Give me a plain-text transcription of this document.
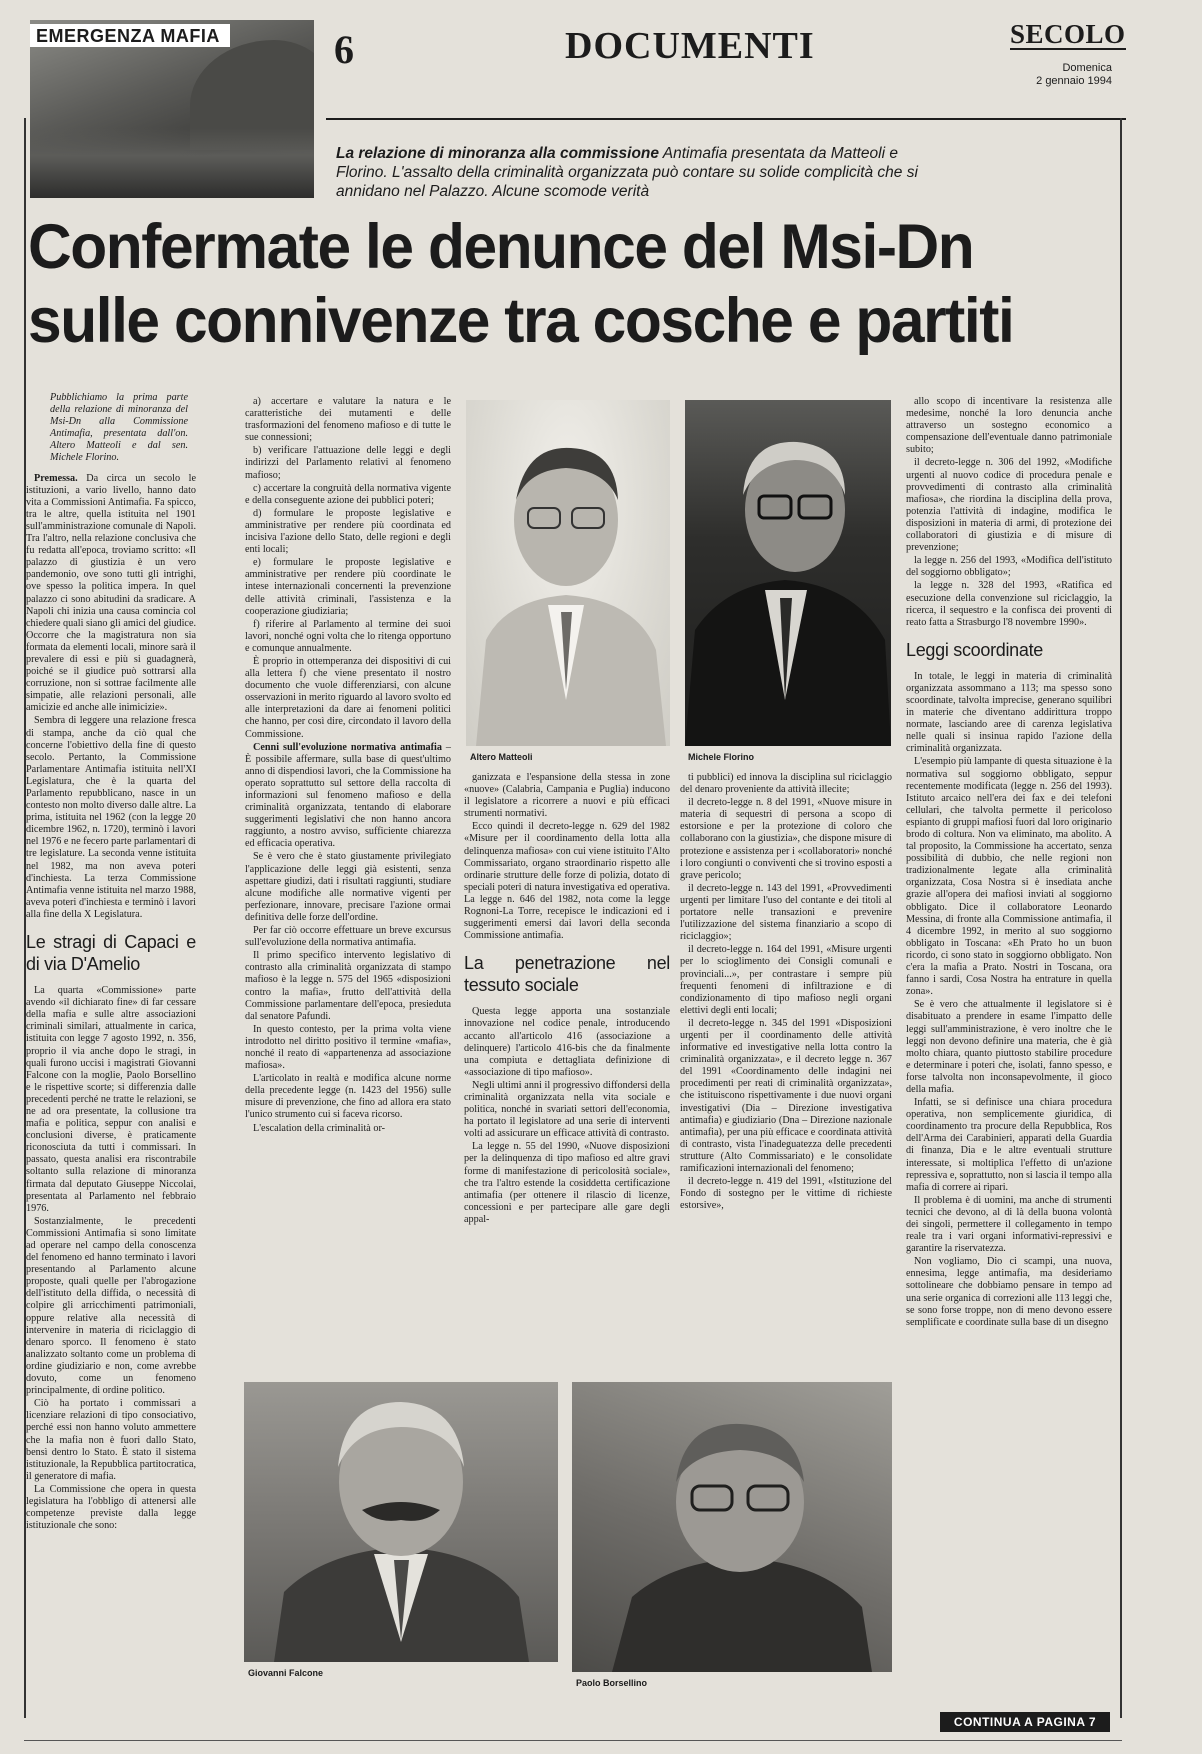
EMERGENZA MAFIA	6	DOCUMENTI	SECOLO
Domenica
2 gennaio 1994
La relazione di minoranza alla commissione Antimafia presentata da Matteoli e Florino. L'assalto della criminalità organizzata può contare su solide complicità che si annidano nel Palazzo. Alcune scomode verità
Confermate le denunce del Msi-Dn
sulle connivenze tra cosche e partiti

Pubblichiamo la prima parte della relazione di minoranza del Msi-Dn alla Commissione Antimafia, presentata dall'on. Altero Matteoli e dal sen. Michele Florino.

Premessa. Da circa un secolo le istituzioni, a vario livello, hanno dato vita a Commissioni Antimafia. Fa spicco, tra le altre, quella istituita nel 1901 sull'amministrazione comunale di Napoli. Tra l'altro, nella relazione conclusiva che fu redatta all'epoca, troviamo scritto: «Il palazzo di giustizia è un vero pandemonio, ove sono tutti gli intrighi, ove spesso la politica impera. In quel palazzo ci sono abitudini da sradicare. A Napoli chi inizia una causa comincia col chiedere quali siano gli amici del giudice. Occorre che la magistratura non sia formata da elementi locali, minore sarà il prevalere di essi e più si guadagnerà, poiché se il giudice può sottrarsi alla corruzione, non si sottrae facilmente alle simpatie, alle relazioni personali, alle amicizie ed anche alle inimicizie».

Sembra di leggere una relazione fresca di stampa, anche da ciò qual che concerne l'obiettivo della fine di questo secolo. Pertanto, la Commissione Parlamentare Antimafia istituita nell'XI Legislatura, che è la quarta del Parlamento repubblicano, nasce in un contesto non molto diverso dalle altre. La prima, istituita nel 1962 (con la legge 20 dicembre 1962, n. 1720), terminò i lavori nel 1976 e ne fecero parte parlamentari di tre legislature. La seconda venne istituita nel 1982, ma non aveva poteri d'inchiesta. La terza Commissione Antimafia venne istituita nel marzo 1988, aveva poteri d'inchiesta e terminò i lavori alla fine della X Legislatura.

Le stragi di Capaci e di via D'Amelio

La quarta «Commissione» parte avendo «il dichiarato fine» di far cessare della mafia e sulle altre associazioni criminali similari, attualmente in carica, istituita con legge 7 agosto 1992, n. 356, proprio il via anche dopo le stragi, in quali furono uccisi i magistrati Giovanni Falcone con la moglie, Paolo Borsellino e le rispettive scorte; si differenzia dalle precedenti perché ne tratte le relazioni, se ne ad ora presentate, la collusione tra mafia e politica, seppur con analisi e conclusioni diverse, è praticamente riconosciuta da tutti i commissari. In passato, questa analisi era riscontrabile soltanto sulla relazione di minoranza firmata dal deputato Giuseppe Niccolai, presentata al Parlamento nel febbraio 1976.

Sostanzialmente, le precedenti Commissioni Antimafia si sono limitate ad operare nel campo della conoscenza del fenomeno ed hanno terminato i lavori presentando al Parlamento alcune proposte, quali quelle per l'abrogazione dell'istituto della diffida, o necessità di colpire gli arricchimenti patrimoniali, oppure relative alla necessità di intervenire in materia di riciclaggio di denaro sporco. Il fenomeno è stato analizzato soltanto come un problema di ordine giudiziario e non, come avrebbe dovuto, come un fenomeno principalmente, di ordine politico.

Ciò ha portato i commissari a licenziare relazioni di tipo consociativo, perché essi non hanno voluto ammettere che la mafia non è fuori dallo Stato, bensì dentro lo Stato. È stato il sistema istituzionale, la Repubblica partitocratica, il generatore di mafia.

La Commissione che opera in questa legislatura ha l'obbligo di attenersi alle competenze previste dalla legge istituzionale che sono:

a) accertare e valutare la natura e le caratteristiche dei mutamenti e delle trasformazioni del fenomeno mafioso e di tutte le sue connessioni;

b) verificare l'attuazione delle leggi e degli indirizzi del Parlamento relativi al fenomeno mafioso;

c) accertare la congruità della normativa vigente e della conseguente azione dei pubblici poteri;

d) formulare le proposte legislative e amministrative per rendere più coordinata ed incisiva l'azione dello Stato, delle regioni e degli enti locali;

e) formulare le proposte legislative e amministrative per rendere più coordinate le intese internazionali concernenti la prevenzione delle attività criminali, l'assistenza e la cooperazione giudiziaria;

f) riferire al Parlamento al termine dei suoi lavori, nonché ogni volta che lo ritenga opportuno e comunque annualmente.

È proprio in ottemperanza dei dispositivi di cui alla lettera f) che viene presentato il nostro documento che vuole differenziarsi, con alcune osservazioni in merito riguardo al lavoro svolto ed alle interpretazioni da dare ai fenomeni politici che hanno, per così dire, circondato il lavoro della Commissione.

Cenni sull'evoluzione normativa antimafia – È possibile affermare, sulla base di quest'ultimo anno di dispendiosi lavori, che la Commissione ha operato soprattutto sul settore della raccolta di informazioni sul fenomeno mafioso e della criminalità organizzata, tentando di elaborare suggerimenti legislativi che non hanno ancora raggiunto, a nostro avviso, sufficiente chiarezza ed efficacia operativa.

Se è vero che è stato giustamente privilegiato l'applicazione delle leggi già esistenti, senza aspettare giudizi, dati i risultati raggiunti, studiare alcune modifiche alle normative vigenti per perfezionare, innovare, precisare l'azione ormai definitiva delle forze dell'ordine.

Per far ciò occorre effettuare un breve excursus sull'evoluzione della normativa antimafia.

Il primo specifico intervento legislativo di contrasto alla criminalità organizzata di stampo mafioso è la legge n. 575 del 1965 «disposizioni contro la mafia», frutto dell'attività della Commissione parlamentare dell'epoca, presieduta dal senatore Pafundi.

In questo contesto, per la prima volta viene introdotto nel diritto positivo il termine «mafia», nonché il reato di «appartenenza ad associazione mafiosa».

L'articolato in realtà e modifica alcune norme della precedente legge (n. 1423 del 1956) sulle misure di prevenzione, che fino ad allora era stato l'unico strumento cui si faceva ricorso.

L'escalation della criminalità or-

Altero Matteoli	Michele Florino

ganizzata e l'espansione della stessa in zone «nuove» (Calabria, Campania e Puglia) inducono il legislatore a ricorrere a nuovi e più efficaci strumenti normativi.

Ecco quindi il decreto-legge n. 629 del 1982 «Misure per il coordinamento della lotta alla delinquenza mafiosa» con cui viene istituito l'Alto Commissariato, organo straordinario rispetto alle ordinarie strutture delle forze di polizia, dotato di speciali poteri di natura investigativa ed operativa. La legge n. 646 del 1982, nota come la legge Rognoni-La Torre, recepisce le indicazioni ed i suggerimenti emersi dai lavori della seconda Commissione antimafia.

La penetrazione nel tessuto sociale

Questa legge apporta una sostanziale innovazione nel codice penale, introducendo accanto all'articolo 416 (associazione a delinquere) l'articolo 416-bis che da finalmente una compiuta e dettagliata definizione di «associazione di tipo mafioso».

Negli ultimi anni il progressivo diffondersi della criminalità organizzata nella vita sociale e politica, nonché in svariati settori dell'economia, ha portato il legislatore ad una serie di interventi volti ad assicurare un efficace attività di contrasto.

La legge n. 55 del 1990, «Nuove disposizioni per la delinquenza di tipo mafioso ed altre gravi forme di manifestazione di pericolosità sociale», che tra l'altro estende la cosiddetta certificazione antimafia (per ottenere il rilascio di licenze, concessioni e per partecipare alle gare degli appal-

ti pubblici) ed innova la disciplina sul riciclaggio del denaro proveniente da attività illecite;

il decreto-legge n. 8 del 1991, «Nuove misure in materia di sequestri di persona a scopo di estorsione e per la protezione di coloro che collaborano con la giustizia», che dispone misure di protezione e assistenza per i «collaboratori» nonché i loro congiunti o conviventi che si trovino esposti a grave pericolo;

il decreto-legge n. 143 del 1991, «Provvedimenti urgenti per limitare l'uso del contante e dei titoli al portatore nelle transazioni e prevenire l'utilizzazione del sistema finanziario a scopo di riciclaggio»;

il decreto-legge n. 164 del 1991, «Misure urgenti per lo scioglimento dei Consigli comunali e provinciali...», per contrastare i sempre più frequenti fenomeni di infiltrazione e di condizionamento di tipo mafioso negli organi elettivi degli enti locali;

il decreto-legge n. 345 del 1991 «Disposizioni urgenti per il coordinamento delle attività informative ed investigative nella lotta contro la criminalità organizzata», e il decreto legge n. 367 del 1991 «Coordinamento delle indagini nei procedimenti per reati di criminalità organizzata», che istituiscono rispettivamente i due nuovi organi investigativi (Dia – Direzione investigativa antimafia) e giudiziario (Dna – Direzione nazionale antimafia), per una più efficace e coordinata attività di contrasto, vista l'inadeguatezza delle precedenti strutture (Alto Commissariato) e le consolidate ramificazioni internazionali del fenomeno;

il decreto-legge n. 419 del 1991, «Istituzione del Fondo di sostegno per le vittime di richieste estorsive»,

allo scopo di incentivare la resistenza alle medesime, nonché la loro denuncia anche attraverso un sostegno economico a compensazione dell'eventuale danno patrimoniale subito;

il decreto-legge n. 306 del 1992, «Modifiche urgenti al nuovo codice di procedura penale e provvedimenti di contrasto alla criminalità mafiosa», che riordina la disciplina della prova, potenzia l'attività di indagine, modifica le disposizioni in materia di armi, di protezione dei collaboratori di giustizia e di misure di prevenzione;

la legge n. 256 del 1993, «Modifica dell'istituto del soggiorno obbligato»;

la legge n. 328 del 1993, «Ratifica ed esecuzione della convenzione sul riciclaggio, la ricerca, il sequestro e la confisca dei proventi di reato fatta a Strasburgo l'8 novembre 1990».

Leggi scoordinate

In totale, le leggi in materia di criminalità organizzata assommano a 113; ma spesso sono scoordinate, talvolta imprecise, generano squilibri in materie che diventano addirittura troppo normate, lasciando aree di carenza legislativa nelle quali si insinua rapido l'azione della criminalità organizzata.

L'esempio più lampante di questa situazione è la normativa sul soggiorno obbligato, seppur recentemente modificata (legge n. 256 del 1993). Istituto arcaico nell'era dei fax e dei telefoni cellulari, che talvolta permette il pericoloso espianto di gruppi mafiosi fuori dal loro originario brodo di coltura. Non va eliminato, ma abolito. A tal proposito, la Commissione ha accertato, senza possibilità di dubbio, che nelle regioni non tradizionalmente legate alla criminalità organizzata, Cosa Nostra si è insediata anche grazie all'opera dei mafiosi inviati al soggiorno obbligato. Dice il collaboratore Leonardo Messina, di fronte alla Commissione antimafia, il 4 dicembre 1992, in merito al suo soggiorno obbligato in Toscana: «Eh Prato ho un buon ricordo, ci sono stato in soggiorno obbligato. Non c'era la mafia a Prato. Nostri in Toscana, ora fanno i sardi, Cosa Nostra ha entrature in quella zona».

Se è vero che attualmente il legislatore si è disabituato a prendere in esame l'impatto delle leggi sull'amministrazione, è vero inoltre che le leggi non devono definire una materia, che è già molto chiara, quanto piuttosto stabilire procedure e determinare i poteri che, isolati, fanno spesso, e forse talvolta non inconsapevolmente, il gioco della mafia.

Infatti, se si definisce una chiara procedura operativa, non semplicemente giuridica, di coordinamento tra procure della Repubblica, Ros dell'Arma dei Carabinieri, apparati della Guardia di finanza, Dia e le altre eventuali strutture interessate, si moltiplica l'effetto di un'azione repressiva e, soprattutto, non si lascia il tempo alla mafia di correre ai ripari.

Il problema è di uomini, ma anche di strumenti tecnici che devono, al di là della buona volontà dei singoli, permettere il collegamento in tempo reale tra i vari organi informativi-repressivi e garantire la riservatezza.

Non vogliamo, Dio ci scampi, una nuova, ennesima, legge antimafia, ma desideriamo sottolineare che dobbiamo pensare in tempo ad una serie organica di correzioni alle 113 leggi che, se sono forse troppe, non di meno devono essere semplificate e coordinate sulla base di un disegno

Giovanni Falcone
Paolo Borsellino
CONTINUA A PAGINA 7
